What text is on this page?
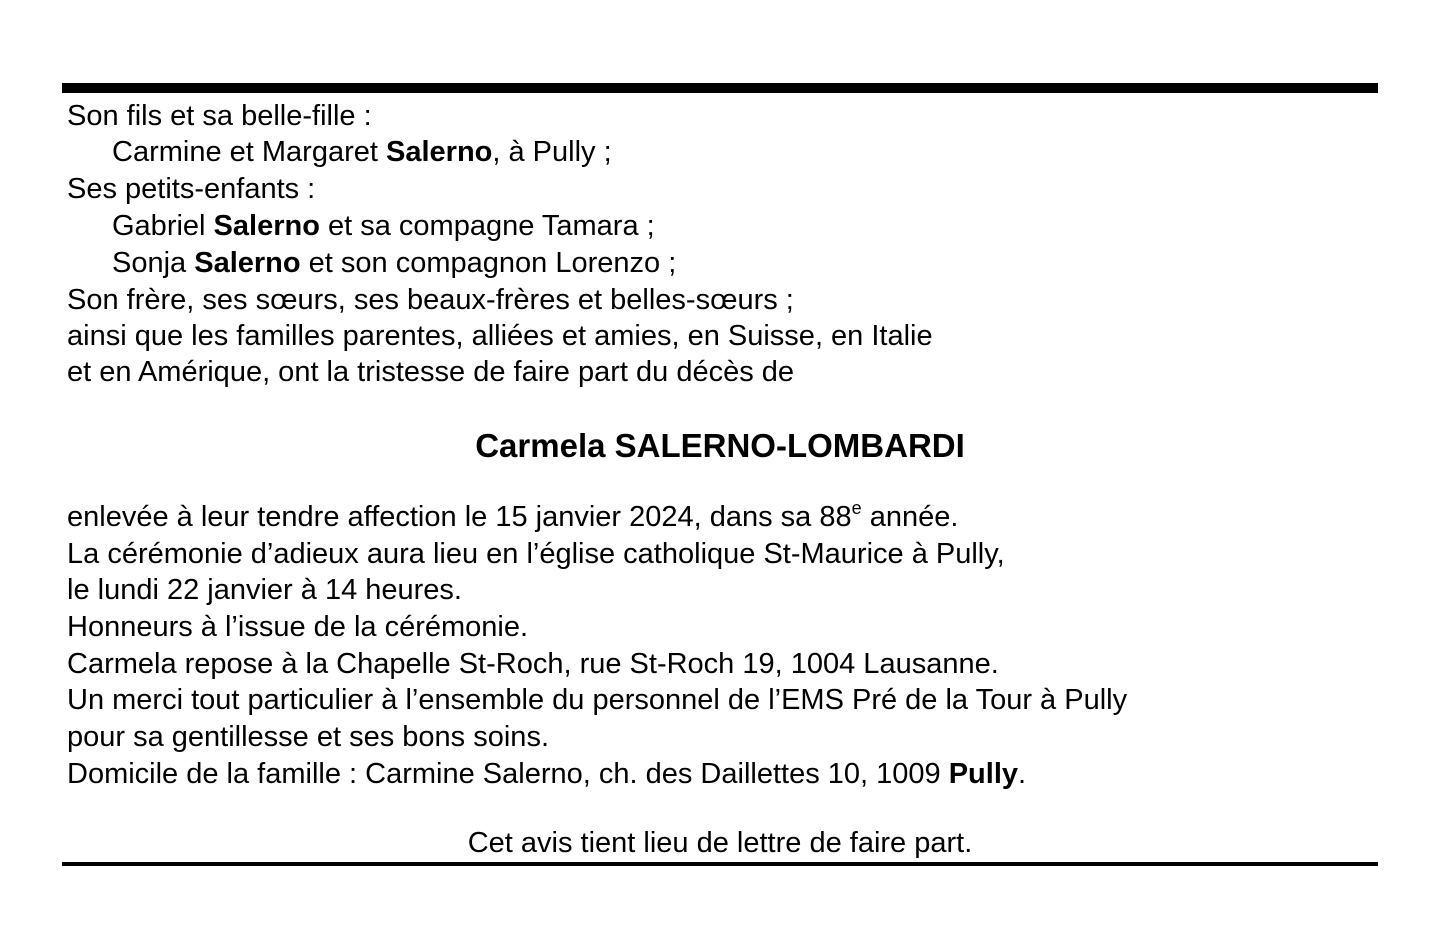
Son fils et sa belle-fille :
Carmine et Margaret Salerno, à Pully ;
Ses petits-enfants :
Gabriel Salerno et sa compagne Tamara ;
Sonja Salerno et son compagnon Lorenzo ;
Son frère, ses sœurs, ses beaux-frères et belles-sœurs ;
ainsi que les familles parentes, alliées et amies, en Suisse, en Italie
et en Amérique, ont la tristesse de faire part du décès de
Carmela SALERNO-LOMBARDI
enlevée à leur tendre affection le 15 janvier 2024, dans sa 88e année.
La cérémonie d’adieux aura lieu en l’église catholique St-Maurice à Pully,
le lundi 22 janvier à 14 heures.
Honneurs à l’issue de la cérémonie.
Carmela repose à la Chapelle St-Roch, rue St-Roch 19, 1004 Lausanne.
Un merci tout particulier à l’ensemble du personnel de l’EMS Pré de la Tour à Pully
pour sa gentillesse et ses bons soins.
Domicile de la famille : Carmine Salerno, ch. des Daillettes 10, 1009 Pully.
Cet avis tient lieu de lettre de faire part.
